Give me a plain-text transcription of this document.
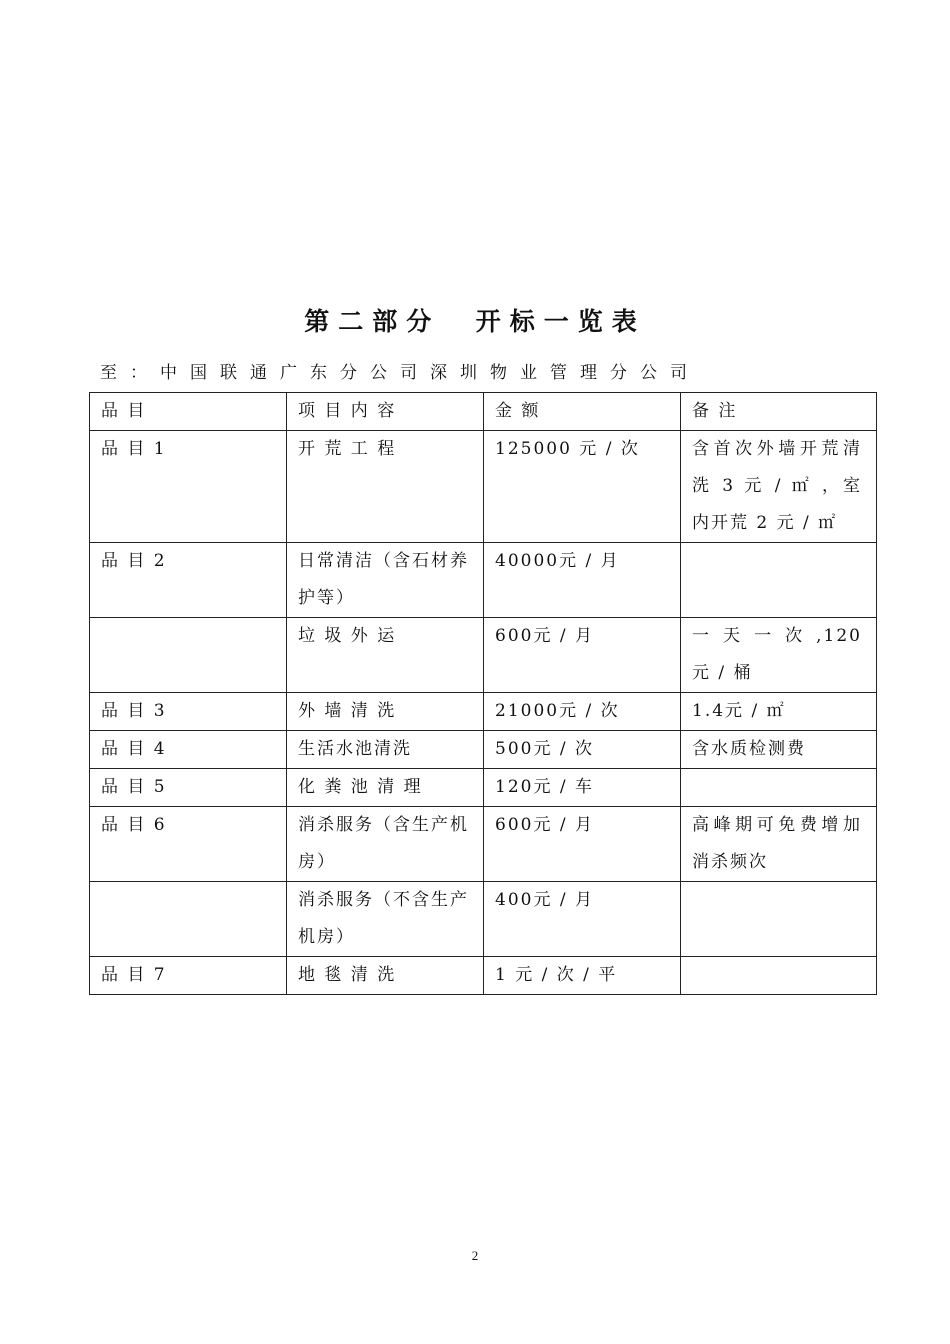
第二部分  开标一览表
至：中国联通广东分公司深圳物业管理分公司
品 目	项 目 内 容	金 额	备 注
品 目 1	开 荒 工 程	125000 元 / 次	含首次外墙开荒清洗 3 元 / ㎡ ，室内开荒 2 元 / ㎡
品 目 2	日常清洁（含石材养护等）	40000元 / 月	
	垃 圾 外 运	600元 / 月	一 天 一 次 ,120 元 / 桶
品 目 3	外 墙 清 洗	21000元 / 次	1.4元 / ㎡
品 目 4	生活水池清洗	500元 / 次	含水质检测费
品 目 5	化 粪 池 清 理	120元 / 车	
品 目 6	消杀服务（含生产机房）	600元 / 月	高峰期可免费增加消杀频次
	消杀服务（不含生产机房）	400元 / 月	
品 目 7	地 毯 清 洗	1 元 / 次 / 平	
2
